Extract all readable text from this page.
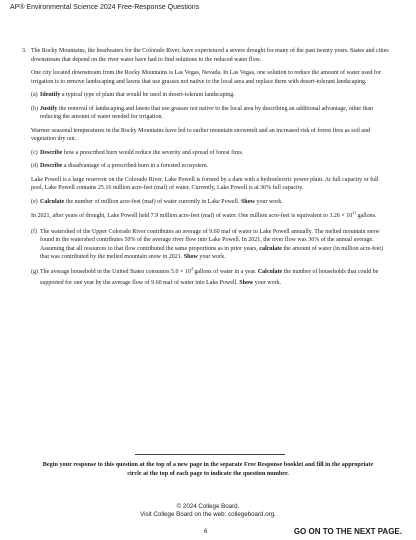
AP® Environmental Science 2024 Free-Response Questions
3. The Rocky Mountains, the headwaters for the Colorado River, have experienced a severe drought for many of the past twenty years. States and cities downstream that depend on the river water have had to find solutions to the reduced water flow.

One city located downstream from the Rocky Mountains is Las Vegas, Nevada. In Las Vegas, one solution to reduce the amount of water used for irrigation is to remove landscaping and lawns that use grasses not native to the local area and replace them with desert-tolerant landscaping.

(a) Identify a typical type of plant that would be used in desert-tolerant landscaping.
(b) Justify the removal of landscaping and lawns that use grasses not native to the local area by describing an additional advantage, other than reducing the amount of water needed for irrigation.

Warmer seasonal temperatures in the Rocky Mountains have led to earlier mountain snowmelt and an increased risk of forest fires as soil and vegetation dry out.

(c) Describe how a prescribed burn would reduce the severity and spread of forest fires.
(d) Describe a disadvantage of a prescribed burn in a forested ecosystem.

Lake Powell is a large reservoir on the Colorado River. Lake Powell is formed by a dam with a hydroelectric power plant. At full capacity or full pool, Lake Powell contains 25.16 million acre-feet (maf) of water. Currently, Lake Powell is at 36% full capacity.

(e) Calculate the number of million acre-feet (maf) of water currently in Lake Powell. Show your work.

In 2021, after years of drought, Lake Powell held 7.9 million acre-feet (maf) of water. One million acre-feet is equivalent to $3.26 \times 10^{11}$ gallons.

(f) The watershed of the Upper Colorado River contributes an average of 9.60 maf of water to Lake Powell annually. The melted mountain snow found in the watershed contributes 50% of the average river flow into Lake Powell. In 2021, the river flow was 36% of the annual average. Assuming that all resources to that flow contributed the same proportions as in prior years, calculate the amount of water (in million acre-feet) that was contributed by the melted mountain snow in 2021. Show your work.
(g) The average household in the United States consumes $5.0 \times 10^4$ gallons of water in a year. Calculate the number of households that could be supported for one year by the average flow of 9.60 maf of water into Lake Powell. Show your work.
Begin your response to this question at the top of a new page in the separate Free Response booklet and fill in the appropriate circle at the top of each page to indicate the question number.
© 2024 College Board.
Visit College Board on the web: collegeboard.org.
6	GO ON TO THE NEXT PAGE.
